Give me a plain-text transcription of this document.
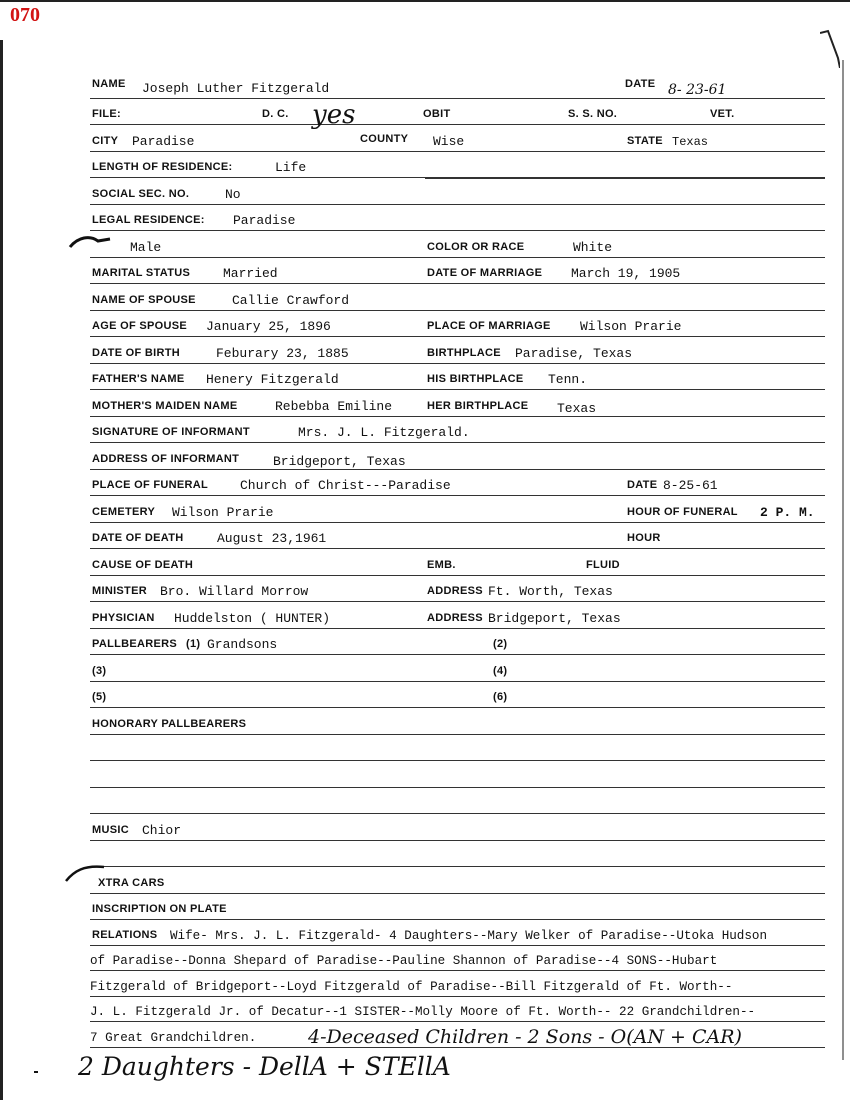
070
NAME Joseph Luther Fitzgerald	DATE 8- 23-61
FILE:	D. C. yes	OBIT	S. S. NO.	VET.
CITY Paradise	COUNTY Wise	STATE Texas
LENGTH OF RESIDENCE:	Life
SOCIAL SEC. NO.	No
LEGAL RESIDENCE: Paradise
Male	COLOR OR RACE	White
MARITAL STATUS	Married	DATE OF MARRIAGE March 19, 1905
NAME OF SPOUSE	Callie Crawford
AGE OF SPOUSE January 25, 1896	PLACE OF MARRIAGE Wilson Prarie
DATE OF BIRTH	Feburary 23, 1885	BIRTHPLACE Paradise, Texas
FATHER'S NAME Henery Fitzgerald	HIS BIRTHPLACE Tenn.
MOTHER'S MAIDEN NAME	Rebebba Emiline	HER BIRTHPLACE Texas
SIGNATURE OF INFORMANT	Mrs. J. L. Fitzgerald.
ADDRESS OF INFORMANT	Bridgeport, Texas
PLACE OF FUNERAL Church of Christ---Paradise	DATE 8-25-61
CEMETERY Wilson Prarie	HOUR OF FUNERAL 2 P. M.
DATE OF DEATH	August 23,1961	HOUR
CAUSE OF DEATH	EMB.	FLUID
MINISTER Bro. Willard Morrow	ADDRESS Ft. Worth, Texas
PHYSICIAN Huddelston ( HUNTER)	ADDRESS Bridgeport, Texas
PALLBEARERS (1) Grandsons	(2)
(3)	(4)
(5)	(6)
HONORARY PALLBEARERS
MUSIC Chior
XTRA CARS
INSCRIPTION ON PLATE
RELATIONS Wife- Mrs. J. L. Fitzgerald- 4 Daughters--Mary Welker of Paradise--Utoka Hudson
of Paradise--Donna Shepard of Paradise--Pauline Shannon of Paradise--4 SONS--Hubart
Fitzgerald of Bridgeport--Loyd Fitzgerald of Paradise--Bill Fitzgerald of Ft. Worth--
J. L. Fitzgerald Jr. of Decatur--1 SISTER--Molly Moore of Ft. Worth-- 22 Grandchildren--
7 Great Grandchildren.	4-Deceased Children - 2 Sons - O(AN + CAR)
2 Daughters - DellA + STEllA
